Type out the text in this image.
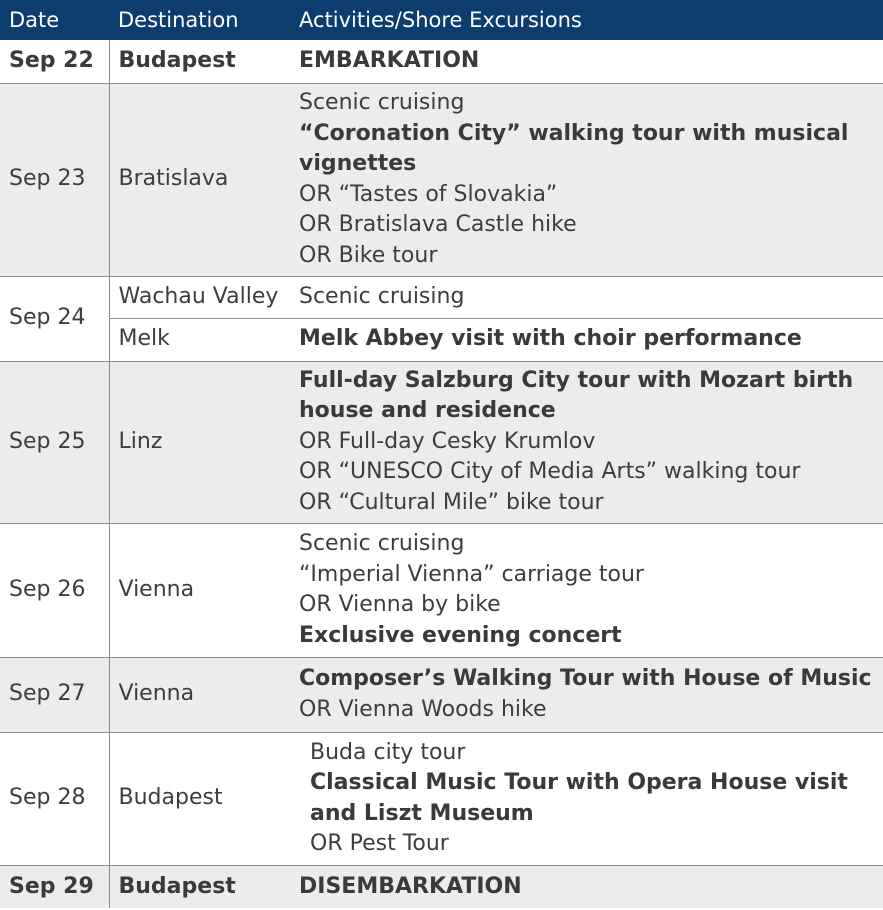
Date	Destination	Activities/Shore Excursions
Sep 22	Budapest	EMBARKATION

Sep 23	Bratislava	Scenic cruising
“Coronation City” walking tour with musical vignettes
OR “Tastes of Slovakia”
OR Bratislava Castle hike
OR Bike tour

Sep 24	Wachau Valley	Scenic cruising

	Melk	Melk Abbey visit with choir performance

Sep 25	Linz	Full-day Salzburg City tour with Mozart birth house and residence
OR Full-day Cesky Krumlov
OR “UNESCO City of Media Arts” walking tour
OR “Cultural Mile” bike tour

Sep 26	Vienna	Scenic cruising
“Imperial Vienna” carriage tour
OR Vienna by bike
Exclusive evening concert

Sep 27	Vienna	Composer’s Walking Tour with House of Music
OR Vienna Woods hike

Sep 28	Budapest	Buda city tour
Classical Music Tour with Opera House visit and Liszt Museum
OR Pest Tour

Sep 29	Budapest	DISEMBARKATION
